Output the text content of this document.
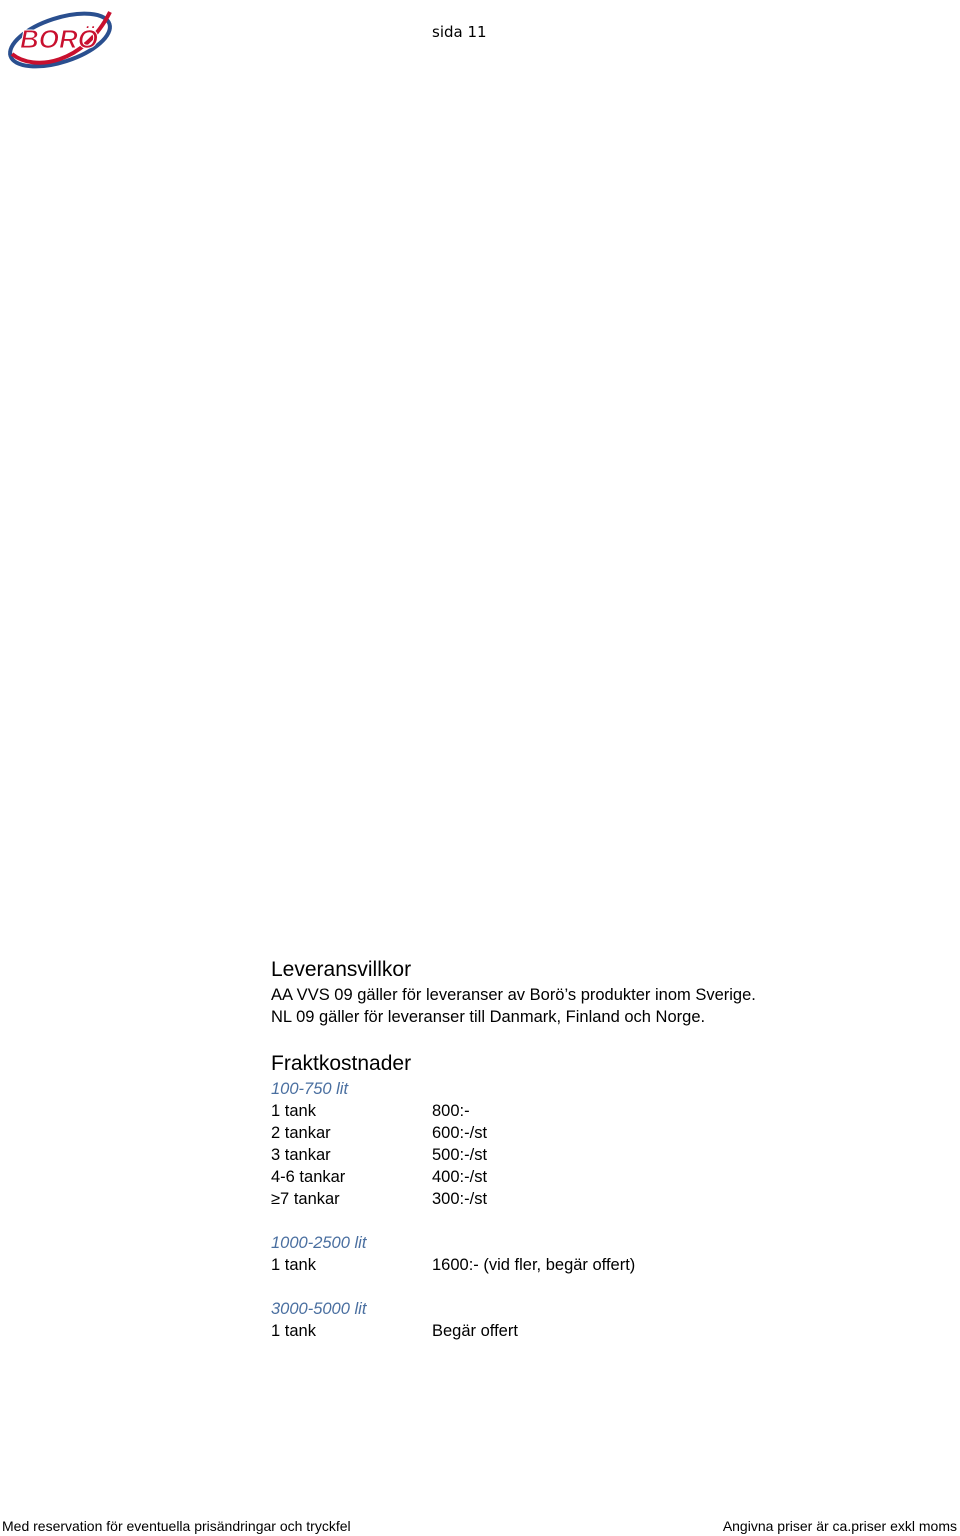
BORÖ	sida 11
Leveransvillkor
AA VVS 09 gäller för leveranser av Borö’s produkter inom Sverige.
NL 09 gäller för leveranser till Danmark, Finland och Norge.
Fraktkostnader
100-750 lit
1 tank	800:-
2 tankar	600:-/st
3 tankar	500:-/st
4-6 tankar	400:-/st
≥7 tankar	300:-/st
1000-2500 lit
1 tank	1600:- (vid fler, begär offert)
3000-5000 lit
1 tank	Begär offert
Med reservation för eventuella prisändringar och tryckfel	Angivna priser är ca.priser exkl moms
